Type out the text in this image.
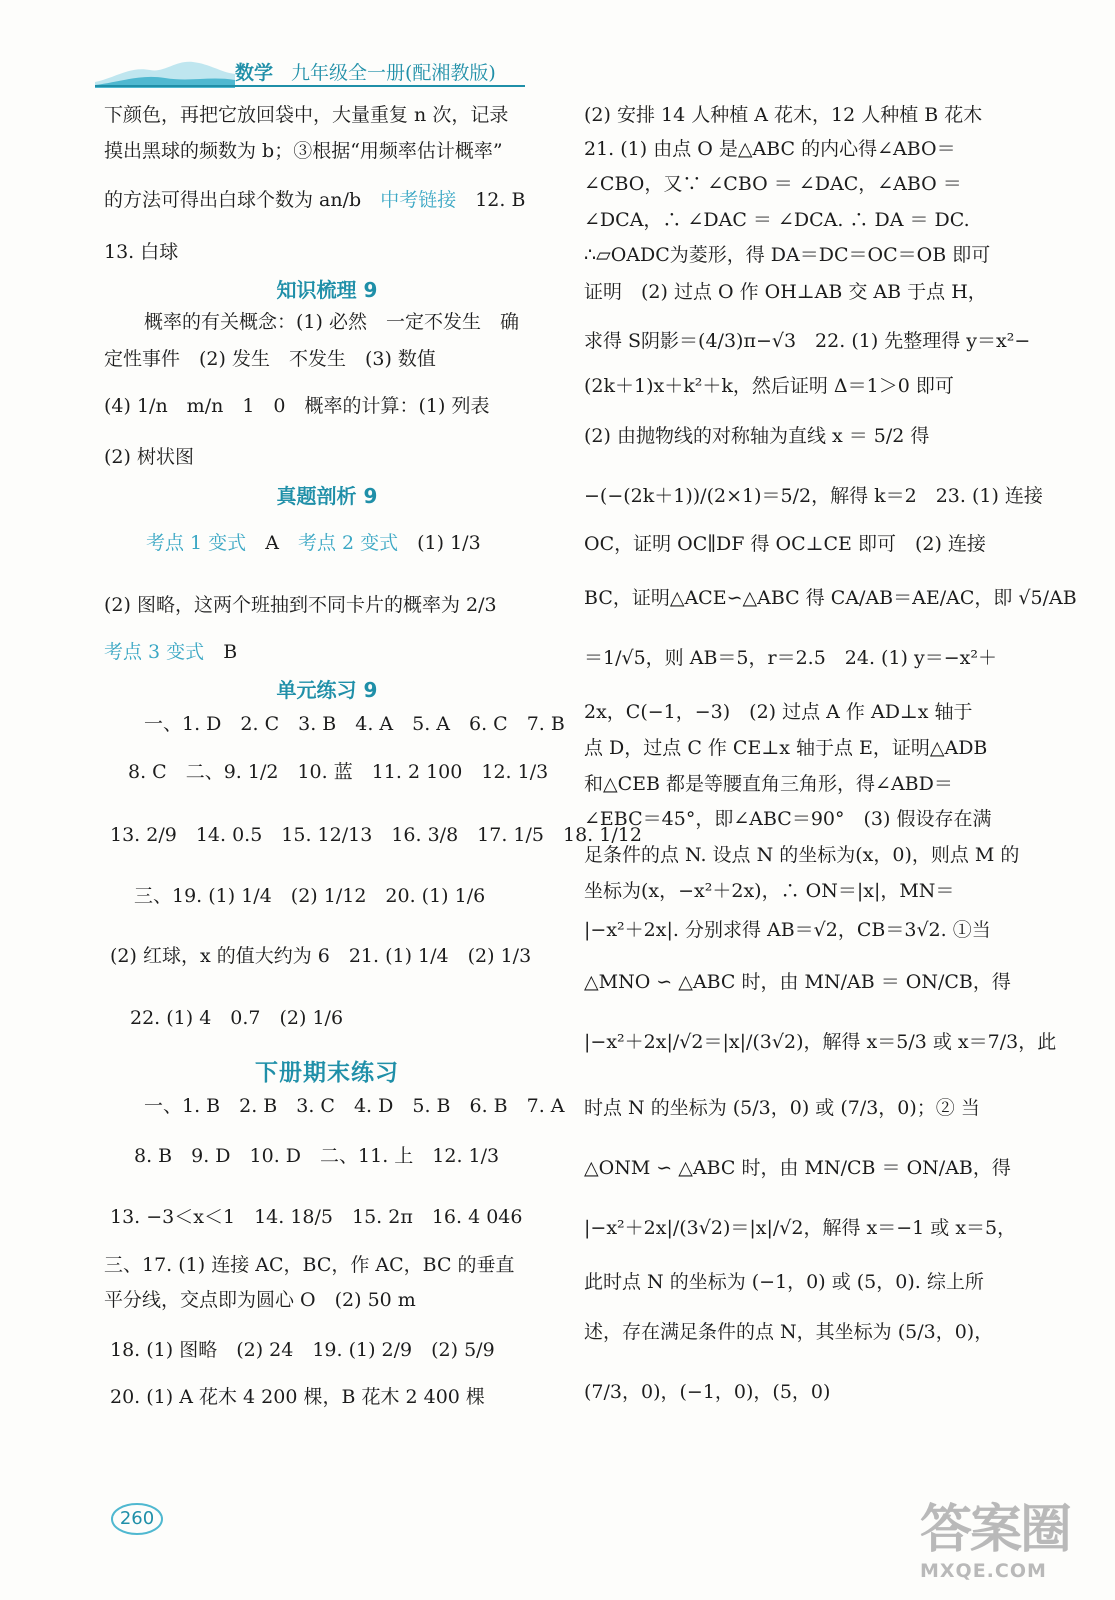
数学 九年级全一册(配湘教版)
下颜色，再把它放回袋中，大量重复 n 次，记录
摸出黑球的频数为 b；③根据“用频率估计概率”
的方法可得出白球个数为 an/b　 中考链接　 12. B
13. 白球
知识梳理 9
概率的有关概念：(1) 必然　一定不发生　确
定性事件　(2) 发生　不发生　(3) 数值
(4) 1/n　m/n　1　0　概率的计算：(1) 列表
(2) 树状图
真题剖析 9
考点 1 变式　 A　 考点 2 变式　 (1) 1/3
(2) 图略，这两个班抽到不同卡片的概率为 2/3
考点 3 变式　 B
单元练习 9
一、1. D　2. C　3. B　4. A　5. A　6. C　7. B
8. C　二、9. 1/2　10. 蓝　11. 2 100　12. 1/3
13. 2/9　14. 0.5　15. 12/13　16. 3/8　17. 1/5　18. 1/12
三、19. (1) 1/4　(2) 1/12　20. (1) 1/6
(2) 红球，x 的值大约为 6　21. (1) 1/4　(2) 1/3
22. (1) 4　0.7　(2) 1/6
下册期末练习
一、1. B　2. B　3. C　4. D　5. B　6. B　7. A
8. B　9. D　10. D　二、11. 上　12. 1/3
13. −3＜x＜1　14. 18/5　15. 2π　16. 4 046
三、17. (1) 连接 AC，BC，作 AC，BC 的垂直
平分线，交点即为圆心 O　(2) 50 m
18. (1) 图略　(2) 24　19. (1) 2/9　(2) 5/9
20. (1) A 花木 4 200 棵，B 花木 2 400 棵
(2) 安排 14 人种植 A 花木，12 人种植 B 花木
21. (1) 由点 O 是△ABC 的内心得∠ABO＝
∠CBO，又∵ ∠CBO ＝ ∠DAC，∠ABO ＝
∠DCA，∴ ∠DAC ＝ ∠DCA. ∴ DA ＝ DC.
∴▱OADC为菱形，得 DA＝DC＝OC＝OB 即可
证明　(2) 过点 O 作 OH⊥AB 交 AB 于点 H，
求得 S阴影＝(4/3)π−√3　22. (1) 先整理得 y＝x²−
(2k＋1)x＋k²＋k，然后证明 Δ＝1＞0 即可
(2) 由抛物线的对称轴为直线 x ＝ 5/2 得
−(−(2k＋1))/(2×1)＝5/2，解得 k＝2　23. (1) 连接
OC，证明 OC∥DF 得 OC⊥CE 即可　(2) 连接
BC，证明△ACE∽△ABC 得 CA/AB＝AE/AC，即 √5/AB
＝1/√5，则 AB＝5，r＝2.5　24. (1) y＝−x²＋
2x，C(−1，−3)　(2) 过点 A 作 AD⊥x 轴于
点 D，过点 C 作 CE⊥x 轴于点 E，证明△ADB
和△CEB 都是等腰直角三角形，得∠ABD＝
∠EBC＝45°，即∠ABC＝90°　(3) 假设存在满
足条件的点 N. 设点 N 的坐标为(x，0)，则点 M 的
坐标为(x，−x²＋2x)，∴ ON＝|x|，MN＝
|−x²＋2x|. 分别求得 AB＝√2，CB＝3√2. ①当
△MNO ∽ △ABC 时，由 MN/AB ＝ ON/CB，得
|−x²＋2x|/√2＝|x|/(3√2)，解得 x＝5/3 或 x＝7/3，此
时点 N 的坐标为 (5/3，0) 或 (7/3，0)；② 当
△ONM ∽ △ABC 时，由 MN/CB ＝ ON/AB，得
|−x²＋2x|/(3√2)＝|x|/√2，解得 x＝−1 或 x＝5，
此时点 N 的坐标为 (−1，0) 或 (5，0). 综上所
述，存在满足条件的点 N，其坐标为 (5/3，0)，
(7/3，0)，(−1，0)，(5，0)
260	答案圈
MXQE.COM
